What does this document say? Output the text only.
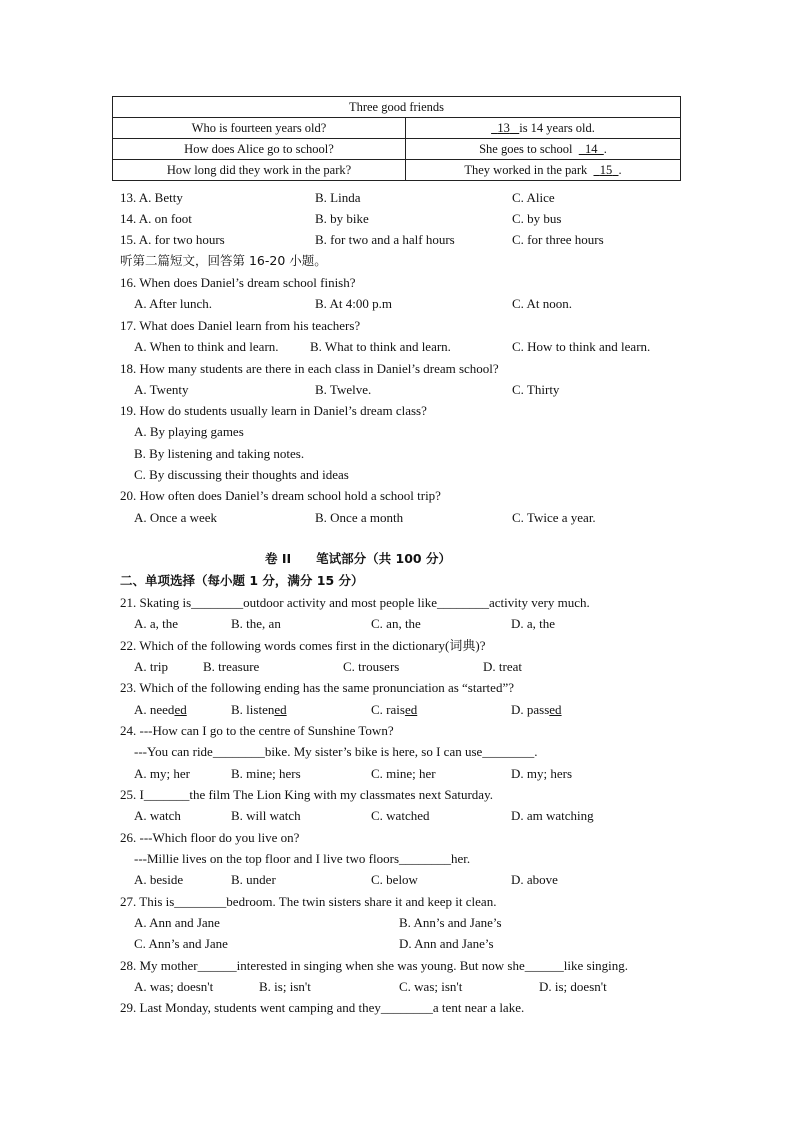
Three good friends	
Who is fourteen years old?	13 is 14 years old.
How does Alice go to school?	She goes to school 14 .
How long did they work in the park?	They worked in the park 15 .
13. A. Betty	B. Linda	C. Alice
14. A. on foot	B. by bike	C. by bus
15. A. for two hours	B. for two and a half hours	C. for three hours
听第二篇短文，回答第 16-20 小题。
16. When does Daniel’s dream school finish?
A. After lunch.	B. At 4:00 p.m	C. At noon.
17. What does Daniel learn from his teachers?
A. When to think and learn. B. What to think and learn.	C. How to think and learn.
18. How many students are there in each class in Daniel’s dream school?
A. Twenty	B. Twelve.	C. Thirty
19. How do students usually learn in Daniel’s dream class?
A. By playing games
B. By listening and taking notes.
C. By discussing their thoughts and ideas
20. How often does Daniel’s dream school hold a school trip?
A. Once a week	B. Once a month	C. Twice a year.
卷 II　　笔试部分（共 100 分）
二、单项选择（每小题 1 分，满分 15 分）
21. Skating is________outdoor activity and most people like________activity very much.
A. a, the	B. the, an	C. an, the	D. a, the
22. Which of the following words comes first in the dictionary(词典)?
A. trip	B. treasure	C. trousers	D. treat
23. Which of the following ending has the same pronunciation as “started”?
A. needed	B. listened	C. raised	D. passed
24. ---How can I go to the centre of Sunshine Town?
---You can ride________bike. My sister’s bike is here, so I can use________.
A. my; her	B. mine; hers	C. mine; her	D. my; hers
25. I_______the film The Lion King with my classmates next Saturday.
A. watch	B. will watch	C. watched	D. am watching
26. ---Which floor do you live on?
---Millie lives on the top floor and I live two floors________her.
A. beside	B. under	C. below	D. above
27. This is________bedroom. The twin sisters share it and keep it clean.
A. Ann and Jane	B. Ann’s and Jane’s
C. Ann’s and Jane	D. Ann and Jane’s
28. My mother______interested in singing when she was young. But now she______like singing.
A. was; doesn't	B. is; isn't	C. was; isn't	D. is; doesn't
29. Last Monday, students went camping and they________a tent near a lake.
